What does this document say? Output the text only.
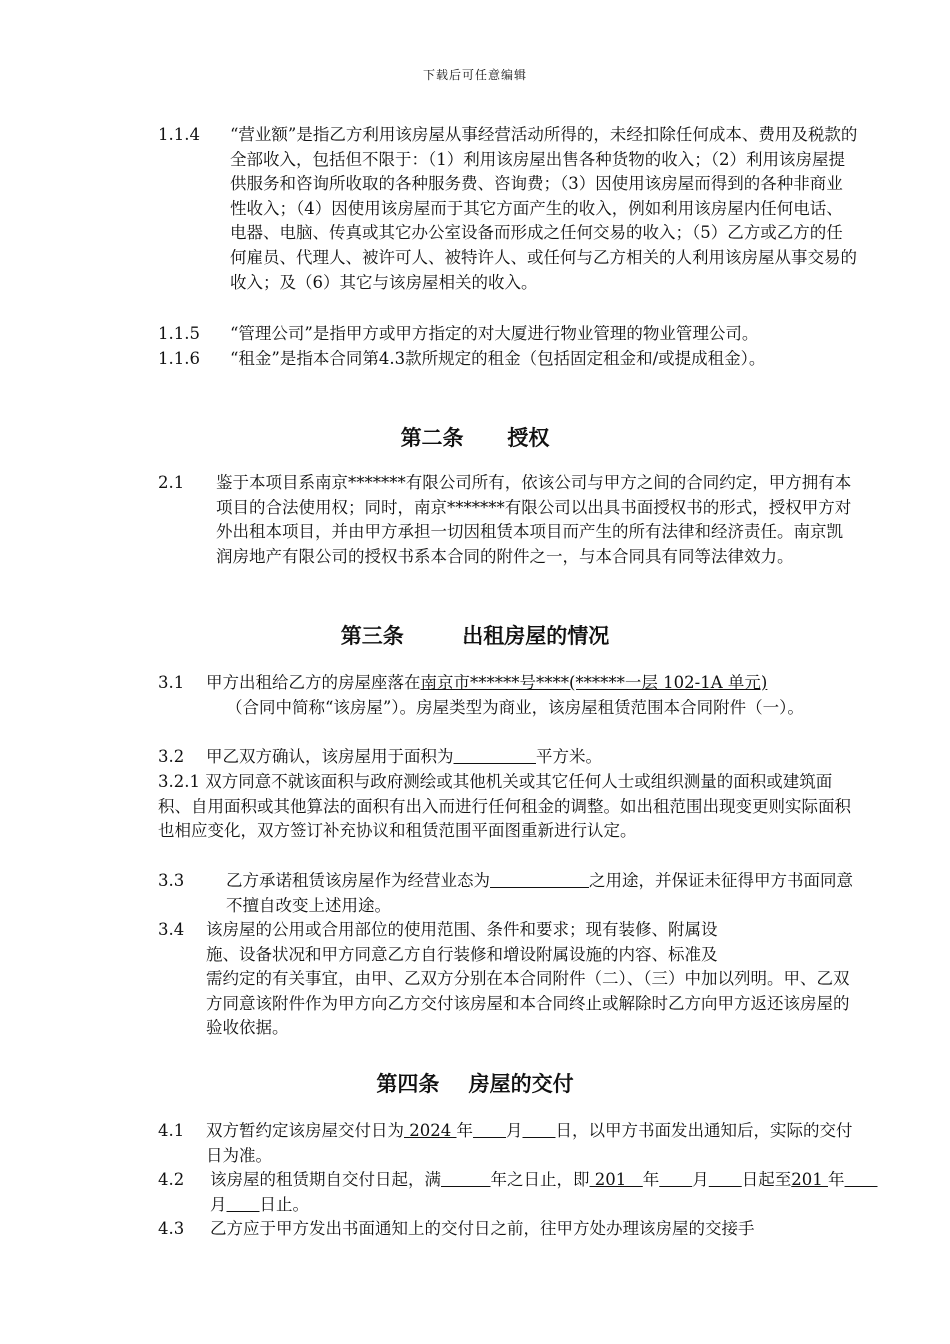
下载后可任意编辑
1.1.4 “营业额”是指乙方利用该房屋从事经营活动所得的，未经扣除任何成本、费用及税款的全部收入，包括但不限于：（1）利用该房屋出售各种货物的收入；（2）利用该房屋提供服务和咨询所收取的各种服务费、咨询费；（3）因使用该房屋而得到的各种非商业性收入；（4）因使用该房屋而于其它方面产生的收入，例如利用该房屋内任何电话、电器、电脑、传真或其它办公室设备而形成之任何交易的收入；（5）乙方或乙方的任何雇员、代理人、被许可人、被特许人、或任何与乙方相关的人利用该房屋从事交易的收入；及（6）其它与该房屋相关的收入。
1.1.5 “管理公司”是指甲方或甲方指定的对大厦进行物业管理的物业管理公司。
1.1.6 “租金”是指本合同第4.3款所规定的租金（包括固定租金和/或提成租金）。
第二条      授权
2.1 鉴于本项目系南京*******有限公司所有，依该公司与甲方之间的合同约定，甲方拥有本项目的合法使用权；同时，南京*******有限公司以出具书面授权书的形式，授权甲方对外出租本项目，并由甲方承担一切因租赁本项目而产生的所有法律和经济责任。南京凯润房地产有限公司的授权书系本合同的附件之一，与本合同具有同等法律效力。
第三条        出租房屋的情况
3.1 甲方出租给乙方的房屋座落在南京市******号****(******一层 102-1A 单元)
（合同中简称“该房屋”）。房屋类型为商业，该房屋租赁范围本合同附件（一）。
3.2 甲乙双方确认，该房屋用于面积为　　　　　	平方米。
3.2.1 双方同意不就该面积与政府测绘或其他机关或其它任何人士或组织测量的面积或建筑面积、自用面积或其他算法的面积有出入而进行任何租金的调整。如出租范围出现变更则实际面积也相应变化，双方签订补充协议和租赁范围平面图重新进行认定。
3.3	乙方承诺租赁该房屋作为经营业态为　　　　　　	之用途，并保证未征得甲方书面同意不擅自改变上述用途。
3.4 该房屋的公用或合用部位的使用范围、条件和要求；现有装修、附属设
施、设备状况和甲方同意乙方自行装修和增设附属设施的内容、标准及
需约定的有关事宜，由甲、乙双方分别在本合同附件（二）、（三）中加以列明。甲、乙双方同意该附件作为甲方向乙方交付该房屋和本合同终止或解除时乙方向甲方返还该房屋的验收依据。
第四条    房屋的交付
4.1 双方暂约定该房屋交付日为 2024 年　　 月　　 日，以甲方书面发出通知后，实际的交付日为准。
4.2 该房屋的租赁期自交付日起，满　　　	年之日止，即 201　年　　 月　　 日起至201 年　　月　　 日止。
4.3 乙方应于甲方发出书面通知上的交付日之前，往甲方处办理该房屋的交接手
